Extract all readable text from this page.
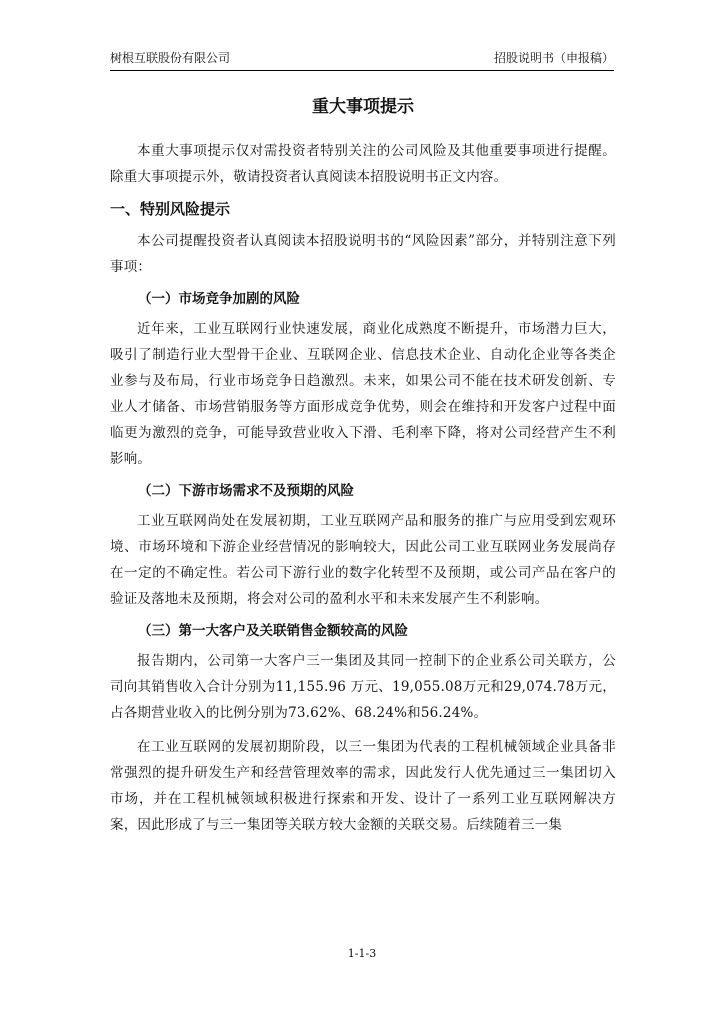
树根互联股份有限公司	招股说明书（申报稿）
重大事项提示

本重大事项提示仅对需投资者特别关注的公司风险及其他重要事项进行提醒。除重大事项提示外，敬请投资者认真阅读本招股说明书正文内容。

一、特别风险提示

本公司提醒投资者认真阅读本招股说明书的“风险因素”部分，并特别注意下列事项：

（一）市场竞争加剧的风险

近年来，工业互联网行业快速发展，商业化成熟度不断提升，市场潜力巨大，吸引了制造行业大型骨干企业、互联网企业、信息技术企业、自动化企业等各类企业参与及布局，行业市场竞争日趋激烈。未来，如果公司不能在技术研发创新、专业人才储备、市场营销服务等方面形成竞争优势，则会在维持和开发客户过程中面临更为激烈的竞争，可能导致营业收入下滑、毛利率下降，将对公司经营产生不利影响。

（二）下游市场需求不及预期的风险

工业互联网尚处在发展初期，工业互联网产品和服务的推广与应用受到宏观环境、市场环境和下游企业经营情况的影响较大，因此公司工业互联网业务发展尚存在一定的不确定性。若公司下游行业的数字化转型不及预期，或公司产品在客户的验证及落地未及预期，将会对公司的盈利水平和未来发展产生不利影响。

（三）第一大客户及关联销售金额较高的风险

报告期内，公司第一大客户三一集团及其同一控制下的企业系公司关联方，公司向其销售收入合计分别为11,155.96 万元、19,055.08万元和29,074.78万元，占各期营业收入的比例分别为73.62%、68.24%和56.24%。

在工业互联网的发展初期阶段，以三一集团为代表的工程机械领域企业具备非常强烈的提升研发生产和经营管理效率的需求，因此发行人优先通过三一集团切入市场，并在工程机械领域积极进行探索和开发、设计了一系列工业互联网解决方案，因此形成了与三一集团等关联方较大金额的关联交易。后续随着三一集

1-1-3
